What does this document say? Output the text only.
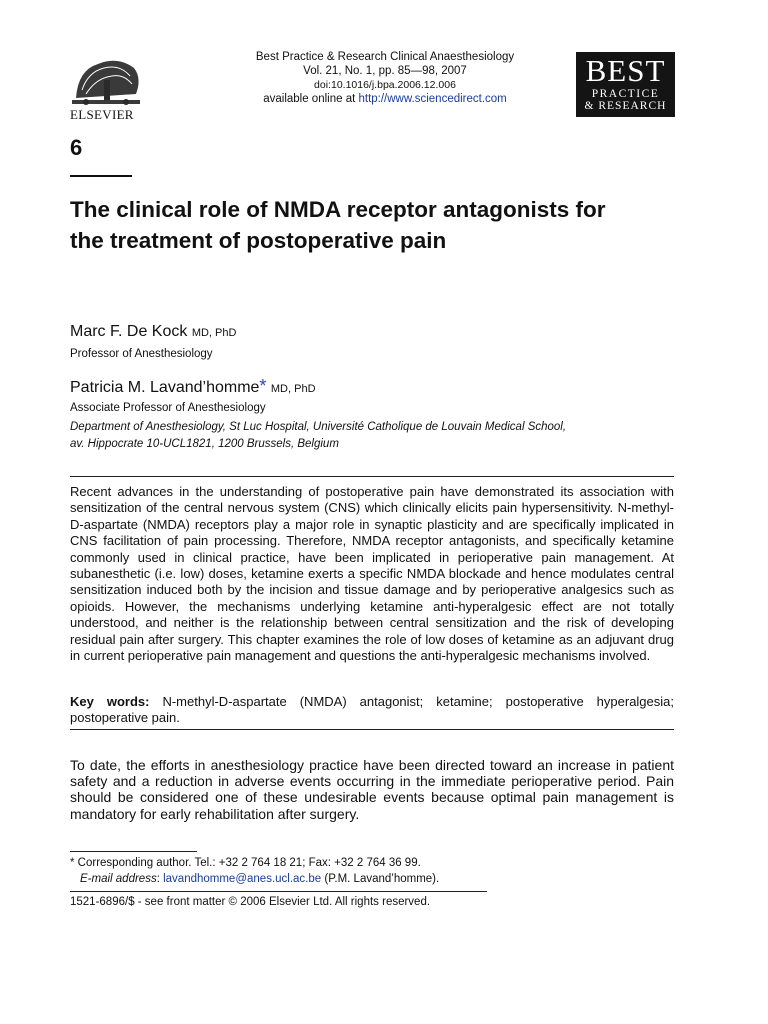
ELSEVIER
Best Practice & Research Clinical Anaesthesiology
Vol. 21, No. 1, pp. 85—98, 2007
doi:10.1016/j.bpa.2006.12.006
available online at http://www.sciencedirect.com
BEST
PRACTICE
& RESEARCH
6
The clinical role of NMDA receptor antagonists for the treatment of postoperative pain
Marc F. De Kock MD, PhD
Professor of Anesthesiology
Patricia M. Lavand’homme* MD, PhD
Associate Professor of Anesthesiology
Department of Anesthesiology, St Luc Hospital, Université Catholique de Louvain Medical School,
av. Hippocrate 10-UCL1821, 1200 Brussels, Belgium
Recent advances in the understanding of postoperative pain have demonstrated its association with sensitization of the central nervous system (CNS) which clinically elicits pain hypersensitivity. N-methyl-D-aspartate (NMDA) receptors play a major role in synaptic plasticity and are specifically implicated in CNS facilitation of pain processing. Therefore, NMDA receptor antagonists, and specifically ketamine commonly used in clinical practice, have been implicated in perioperative pain management. At subanesthetic (i.e. low) doses, ketamine exerts a specific NMDA blockade and hence modulates central sensitization induced both by the incision and tissue damage and by perioperative analgesics such as opioids. However, the mechanisms underlying ketamine anti-hyperalgesic effect are not totally understood, and neither is the relationship between central sensitization and the risk of developing residual pain after surgery. This chapter examines the role of low doses of ketamine as an adjuvant drug in current perioperative pain management and questions the anti-hyperalgesic mechanisms involved.
Key words: N-methyl-D-aspartate (NMDA) antagonist; ketamine; postoperative hyperalgesia; postoperative pain.
To date, the efforts in anesthesiology practice have been directed toward an increase in patient safety and a reduction in adverse events occurring in the immediate perioperative period. Pain should be considered one of these undesirable events because optimal pain management is mandatory for early rehabilitation after surgery.
* Corresponding author. Tel.: +32 2 764 18 21; Fax: +32 2 764 36 99.
E-mail address: lavandhomme@anes.ucl.ac.be (P.M. Lavand’homme).
1521-6896/$ - see front matter © 2006 Elsevier Ltd. All rights reserved.
